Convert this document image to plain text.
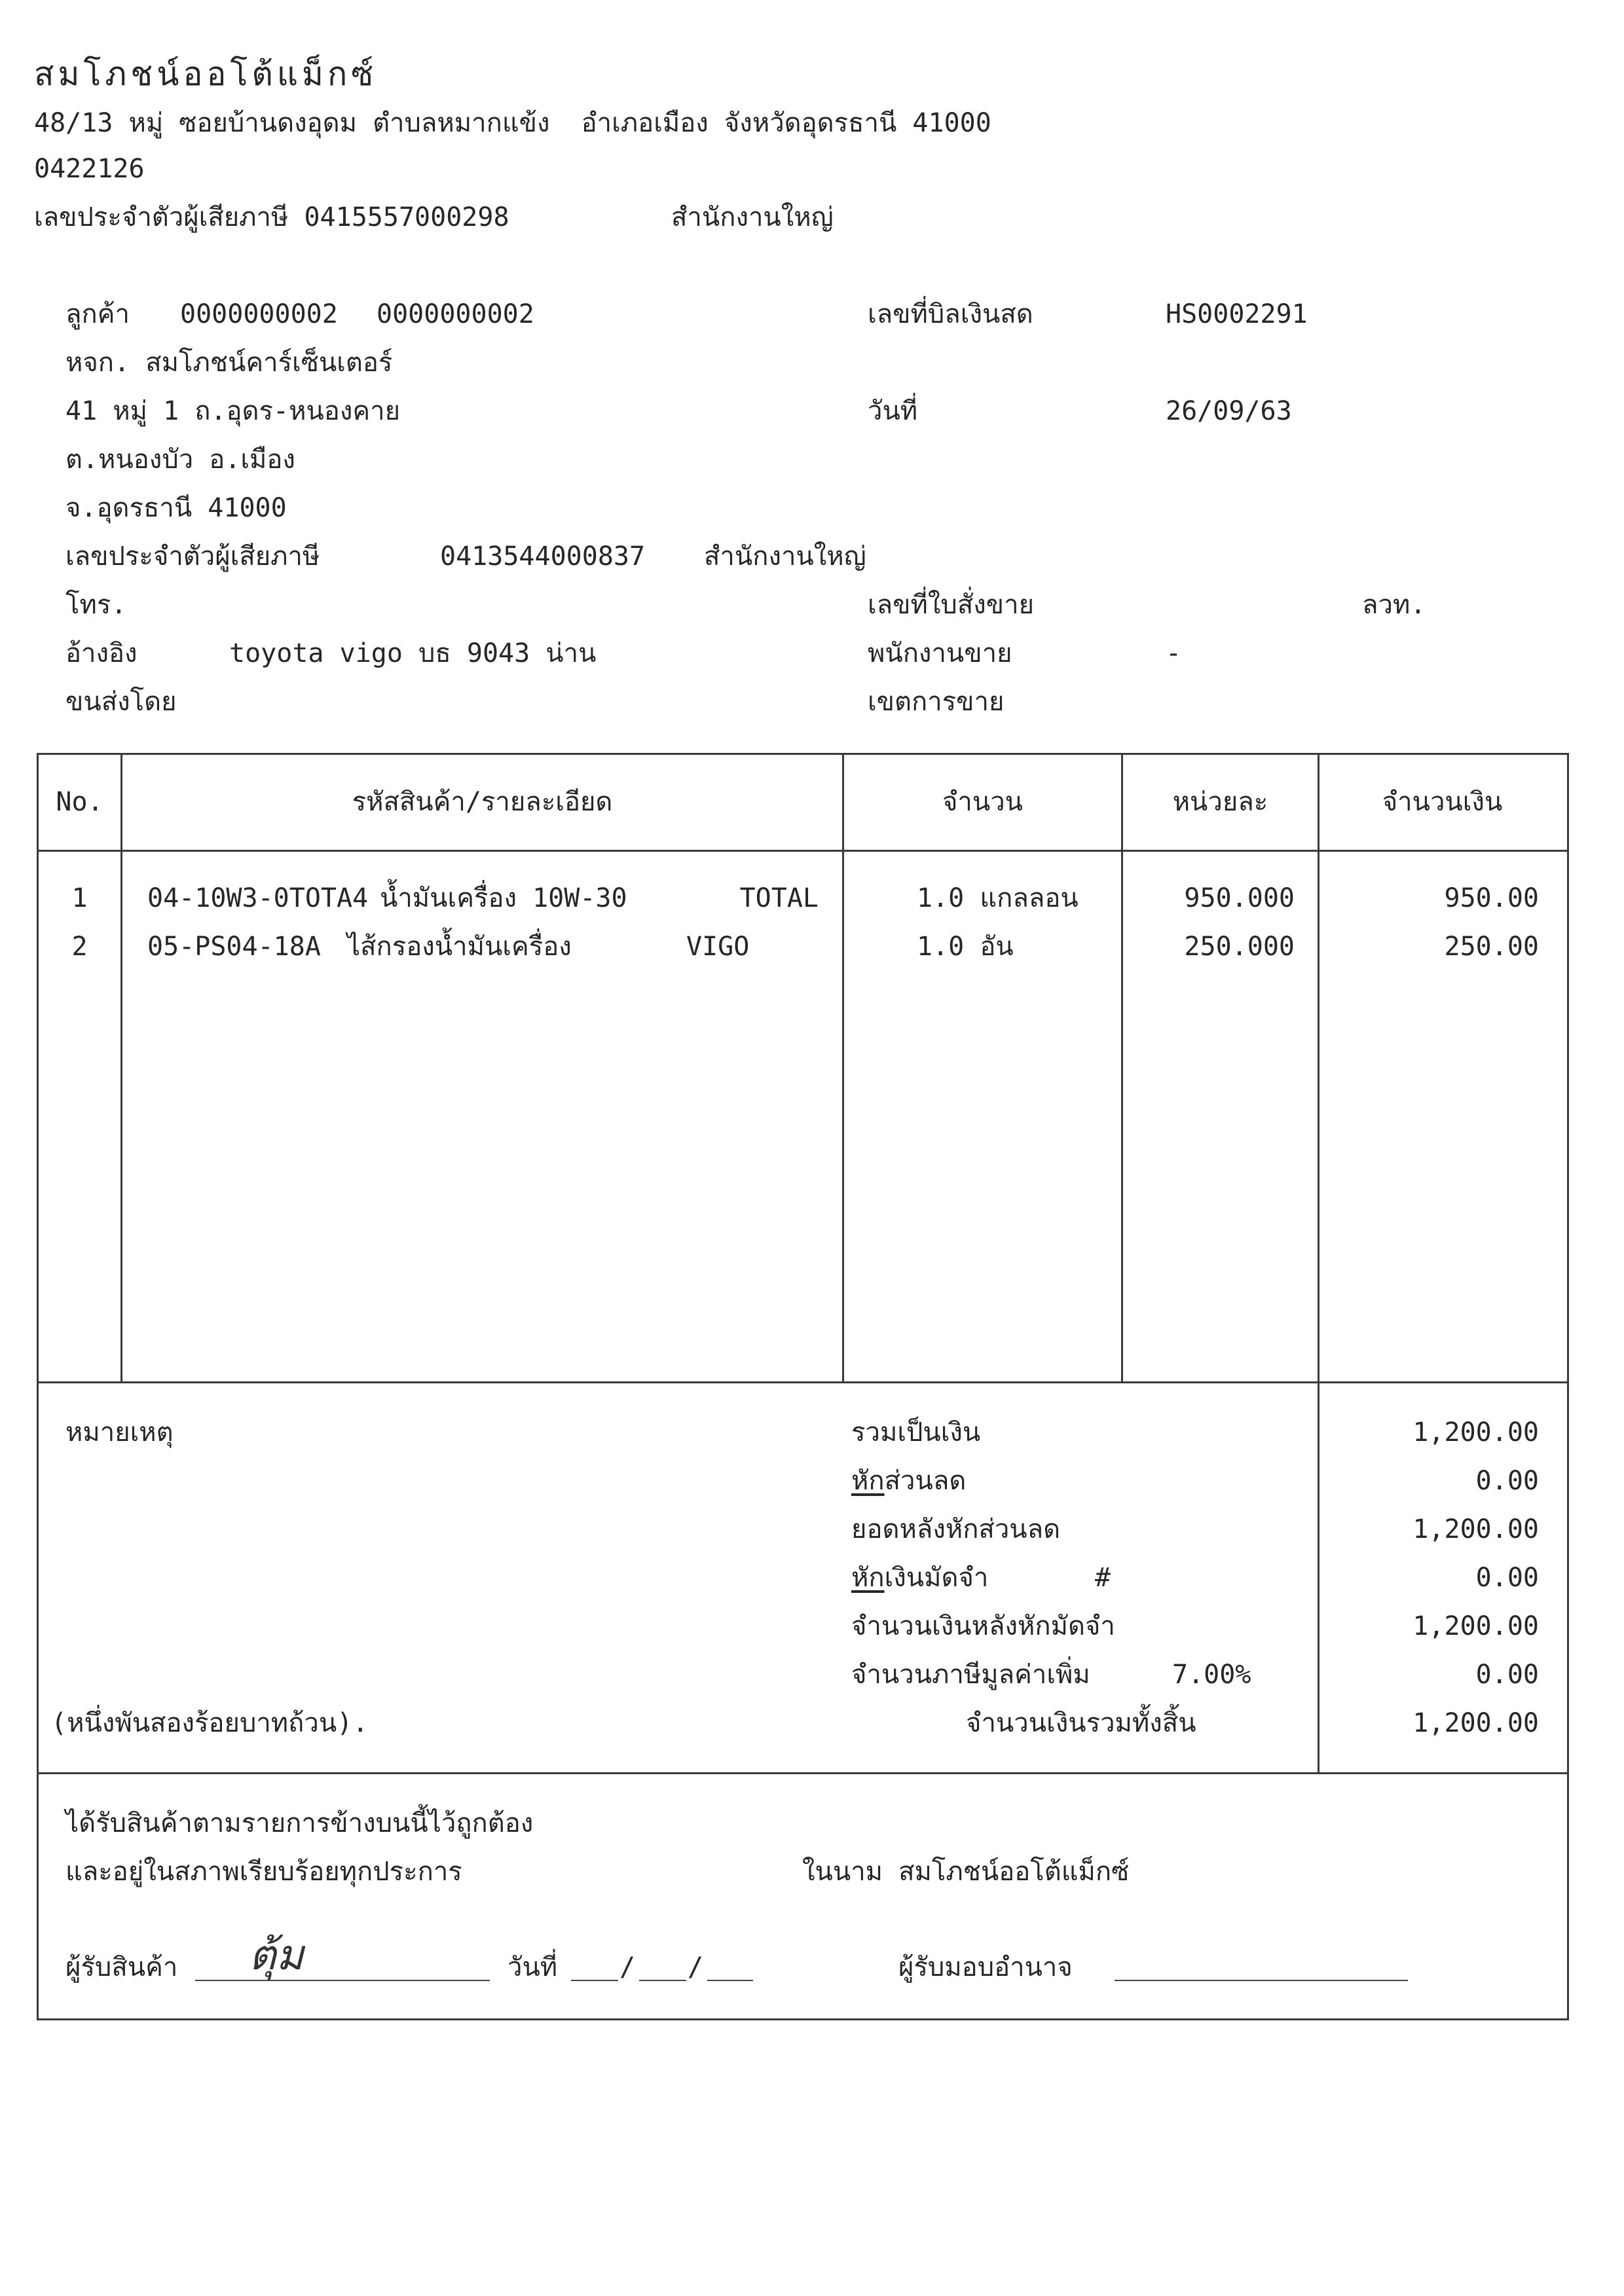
สมโภชน์ออโต้แม็กซ์
48/13 หมู่ ซอยบ้านดงอุดม ตำบลหมากแข้ง  อำเภอเมือง จังหวัดอุดรธานี 41000
0422126
เลขประจำตัวผู้เสียภาษี 0415557000298	สำนักงานใหญ่
ลูกค้า 0000000002 0000000002
หจก. สมโภชน์คาร์เซ็นเตอร์
41 หมู่ 1 ถ.อุดร-หนองคาย
ต.หนองบัว อ.เมือง
จ.อุดรธานี 41000
เลขประจำตัวผู้เสียภาษี	0413544000837 สำนักงานใหญ่
โทร.
อ้างอิง	toyota vigo บธ 9043 น่าน
ขนส่งโดย
เลขที่บิลเงินสด	HS0002291
วันที่	26/09/63
เลขที่ใบสั่งขาย	ลวท.
พนักงานขาย	-
เขตการขาย
No.	รหัสสินค้า/รายละเอียด	จำนวน	หน่วยละ	จำนวนเงิน
1	04-10W3-0TOTA4 น้ำมันเครื่อง 10W-30	TOTAL	1.0 แกลลอน	950.000	950.00
2	05-PS04-18A ไส้กรองน้ำมันเครื่อง	VIGO	1.0 อัน	250.000	250.00
หมายเหตุ
(หนึ่งพันสองร้อยบาทถ้วน).
รวมเป็นเงิน	1,200.00
หักส่วนลด	0.00
ยอดหลังหักส่วนลด	1,200.00
หักเงินมัดจำ	#	0.00
จำนวนเงินหลังหักมัดจำ	1,200.00
จำนวนภาษีมูลค่าเพิ่ม	7.00%	0.00
จำนวนเงินรวมทั้งสิ้น	1,200.00
ได้รับสินค้าตามรายการข้างบนนี้ไว้ถูกต้อง
และอยู่ในสภาพเรียบร้อยทุกประการ	ในนาม สมโภชน์ออโต้แม็กซ์
ผู้รับสินค้า ตุ้ม	วันที่ / /	ผู้รับมอบอำนาจ
